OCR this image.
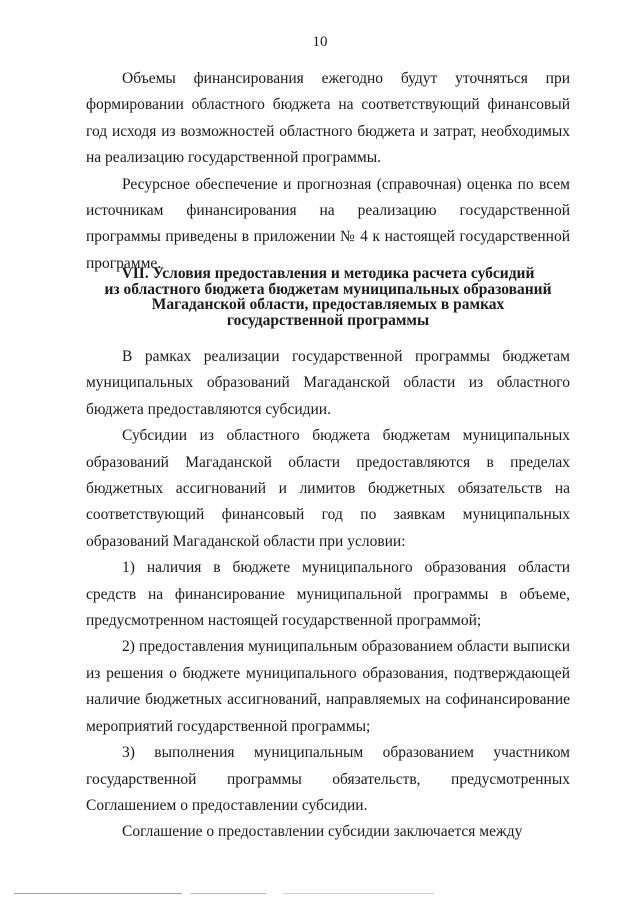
10

Объемы финансирования ежегодно будут уточняться при формировании областного бюджета на соответствующий финансовый год исходя из возможностей областного бюджета и затрат, необходимых на реализацию государственной программы.

Ресурсное обеспечение и прогнозная (справочная) оценка по всем источникам финансирования на реализацию государственной программы приведены в приложении № 4 к настоящей государственной программе.

VII. Условия предоставления и методика расчета субсидий
из областного бюджета бюджетам муниципальных образований
Магаданской области, предоставляемых в рамках
государственной программы

В рамках реализации государственной программы бюджетам муниципальных образований Магаданской области из областного бюджета предоставляются субсидии.

Субсидии из областного бюджета бюджетам муниципальных образований Магаданской области предоставляются в пределах бюджетных ассигнований и лимитов бюджетных обязательств на соответствующий финансовый год по заявкам муниципальных образований Магаданской области при условии:

1) наличия в бюджете муниципального образования области средств на финансирование муниципальной программы в объеме, предусмотренном настоящей государственной программой;

2) предоставления муниципальным образованием области выписки из решения о бюджете муниципального образования, подтверждающей наличие бюджетных ассигнований, направляемых на софинансирование мероприятий государственной программы;

3) выполнения муниципальным образованием участником государственной программы обязательств, предусмотренных Соглашением о предоставлении субсидии.

Соглашение о предоставлении субсидии заключается между
